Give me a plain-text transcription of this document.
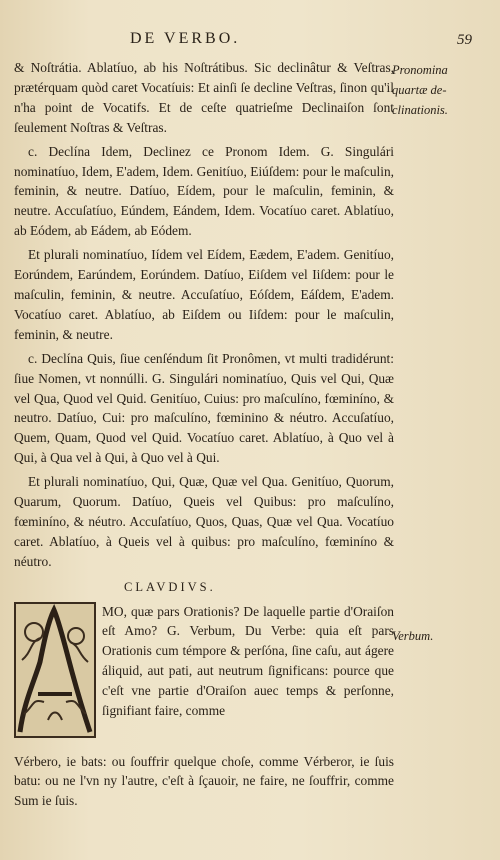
DE VERBO.	59

& Noſtrátia. Ablatíuo, ab his Noſtrátibus. Sic declinâtur & Veſtras, prætérquam quòd caret Vocatíuis: Et ainſi ſe decline Veſtras, ſinon qu'il n'ha point de Vocatifs. Et de ceſte quatrieſme Declinaiſon ſont ſeulement Noſtras & Veſtras.

c. Declína Idem, Declinez ce Pronom Idem. G. Singulári nominatíuo, Idem, E'adem, Idem. Genitíuo, Eiúſdem: pour le maſculin, feminin, & neutre. Datíuo, Eídem, pour le maſculin, feminin, & neutre. Accuſatíuo, Eúndem, Eándem, Idem. Vocatíuo caret. Ablatíuo, ab Eódem, ab Eádem, ab Eódem.

Et plurali nominatíuo, Iídem vel Eídem, Eædem, E'adem. Genitíuo, Eorúndem, Earúndem, Eorúndem. Datíuo, Eiſdem vel Iiſdem: pour le maſculin, feminin, & neutre. Accuſatíuo, Eóſdem, Eáſdem, E'adem. Vocatíuo caret. Ablatíuo, ab Eiſdem ou Iiſdem: pour le maſculin, feminin, & neutre.

c. Declína Quis, ſiue cenſéndum ſit Pronômen, vt multi tradidérunt: ſiue Nomen, vt nonnúlli. G. Singulári nominatíuo, Quis vel Qui, Quæ vel Qua, Quod vel Quid. Genitíuo, Cuius: pro maſculíno, fœminíno, & neutro. Datíuo, Cui: pro maſculíno, fœminino & néutro. Accuſatíuo, Quem, Quam, Quod vel Quid. Vocatíuo caret. Ablatíuo, à Quo vel à Qui, à Qua vel à Qui, à Quo vel à Qui.

Et plurali nominatíuo, Qui, Quæ, Quæ vel Qua. Genitíuo, Quorum, Quarum, Quorum. Datíuo, Queis vel Quibus: pro maſculíno, fœminíno, & néutro. Accuſatíuo, Quos, Quas, Quæ vel Qua. Vocatíuo caret. Ablatíuo, à Queis vel à quibus: pro maſculíno, fœminíno & néutro.

CLAVDIVS.

MO, quæ pars Orationis? De laquelle partie d'Oraiſon eſt Amo? G. Verbum, Du Verbe: quia eſt pars Orationis cum témpore & perſóna, ſine caſu, aut ágere áliquid, aut pati, aut neutrum ſignificans: pource que c'eſt vne partie d'Oraiſon auec temps & perſonne, ſignifiant faire, comme

Vérbero, ie bats: ou ſouffrir quelque choſe, comme Vérberor, ie ſuis batu: ou ne l'vn ny l'autre, c'eſt à ſçauoir, ne faire, ne ſouffrir, comme Sum ie ſuis.

Pronomina
quartæ de-
clinationis.
Verbum.
